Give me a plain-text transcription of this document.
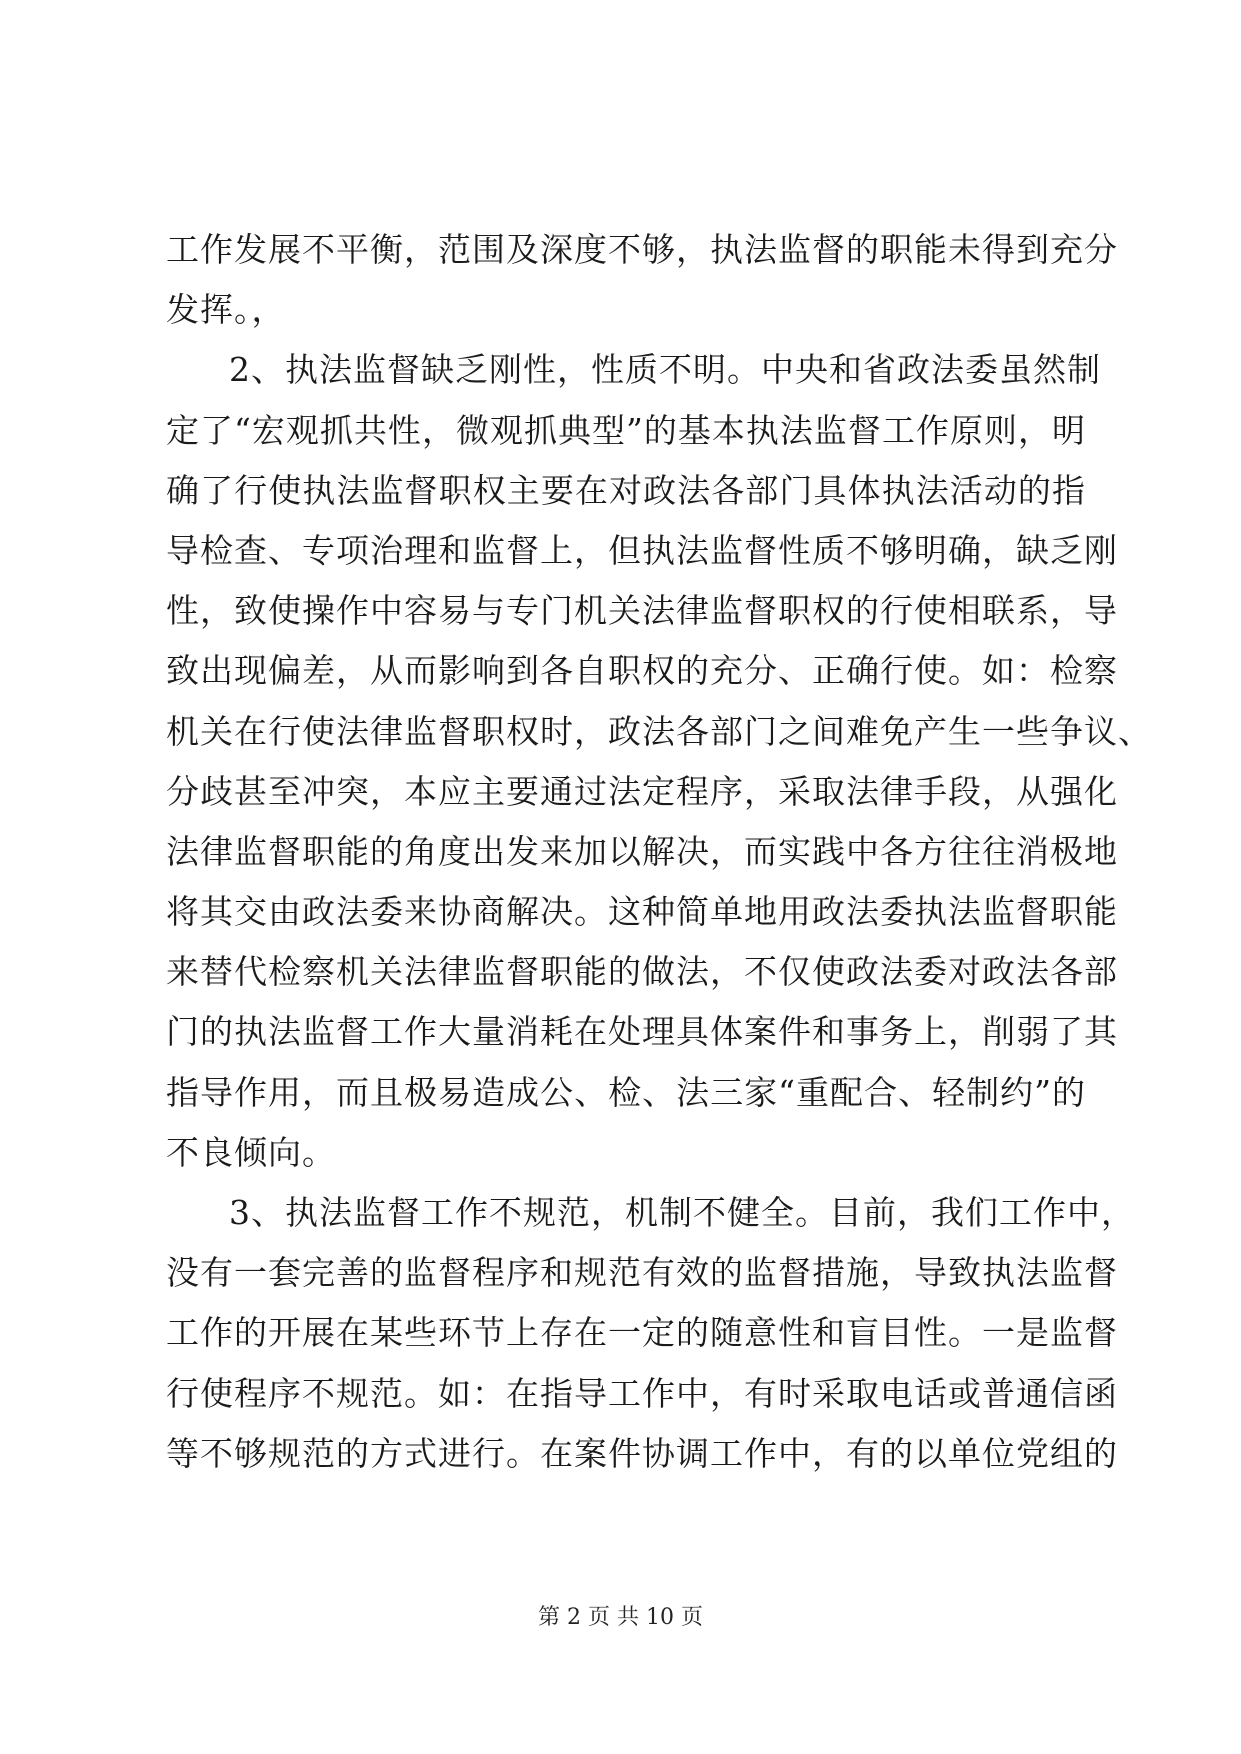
工作发展不平衡，范围及深度不够，执法监督的职能未得到充分
发挥。，
2、执法监督缺乏刚性，性质不明。中央和省政法委虽然制
定了“宏观抓共性，微观抓典型”的基本执法监督工作原则，明
确了行使执法监督职权主要在对政法各部门具体执法活动的指
导检查、专项治理和监督上，但执法监督性质不够明确，缺乏刚
性，致使操作中容易与专门机关法律监督职权的行使相联系，导
致出现偏差，从而影响到各自职权的充分、正确行使。如：检察
机关在行使法律监督职权时，政法各部门之间难免产生一些争议、
分歧甚至冲突，本应主要通过法定程序，采取法律手段，从强化
法律监督职能的角度出发来加以解决，而实践中各方往往消极地
将其交由政法委来协商解决。这种简单地用政法委执法监督职能
来替代检察机关法律监督职能的做法，不仅使政法委对政法各部
门的执法监督工作大量消耗在处理具体案件和事务上，削弱了其
指导作用，而且极易造成公、检、法三家“重配合、轻制约”的
不良倾向。
3、执法监督工作不规范，机制不健全。目前，我们工作中，
没有一套完善的监督程序和规范有效的监督措施，导致执法监督
工作的开展在某些环节上存在一定的随意性和盲目性。一是监督
行使程序不规范。如：在指导工作中，有时采取电话或普通信函
等不够规范的方式进行。在案件协调工作中，有的以单位党组的
第 2 页 共 10 页
